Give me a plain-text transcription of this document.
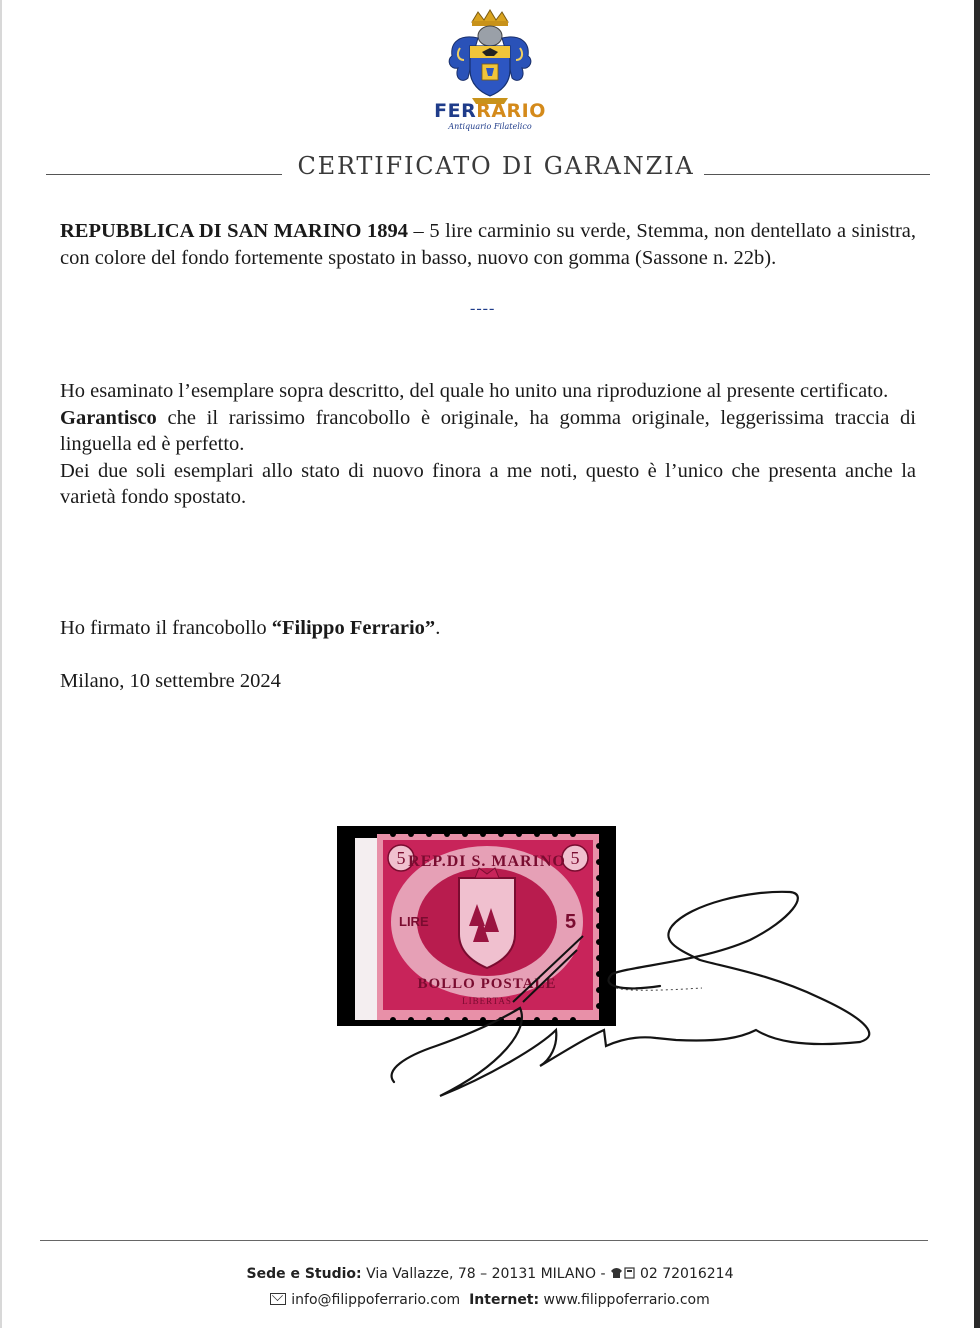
FERRARIO
Antiquario Filatelico
CERTIFICATO DI GARANZIA

REPUBBLICA DI SAN MARINO 1894 – 5 lire carminio su verde, Stemma, non dentellato a sinistra, con colore del fondo fortemente spostato in basso, nuovo con gomma (Sassone n. 22b).

----

Ho esaminato l’esemplare sopra descritto, del quale ho unito una riproduzione al presente certificato.

Garantisco che il rarissimo francobollo è originale, ha gomma originale, leggerissima traccia di linguella ed è perfetto.

Dei due soli esemplari allo stato di nuovo finora a me noti, questo è l’unico che presenta anche la varietà fondo spostato.

Ho firmato il francobollo “Filippo Ferrario”.
Milano, 10 settembre 2024
5	5
LIRE	5
REP.DI S. MARINO
BOLLO POSTALE
LIBERTAS
Sede e Studio: Via Vallazze, 78 – 20131 MILANO - 02 72016214
info@filippoferrario.com Internet: www.filippoferrario.com
